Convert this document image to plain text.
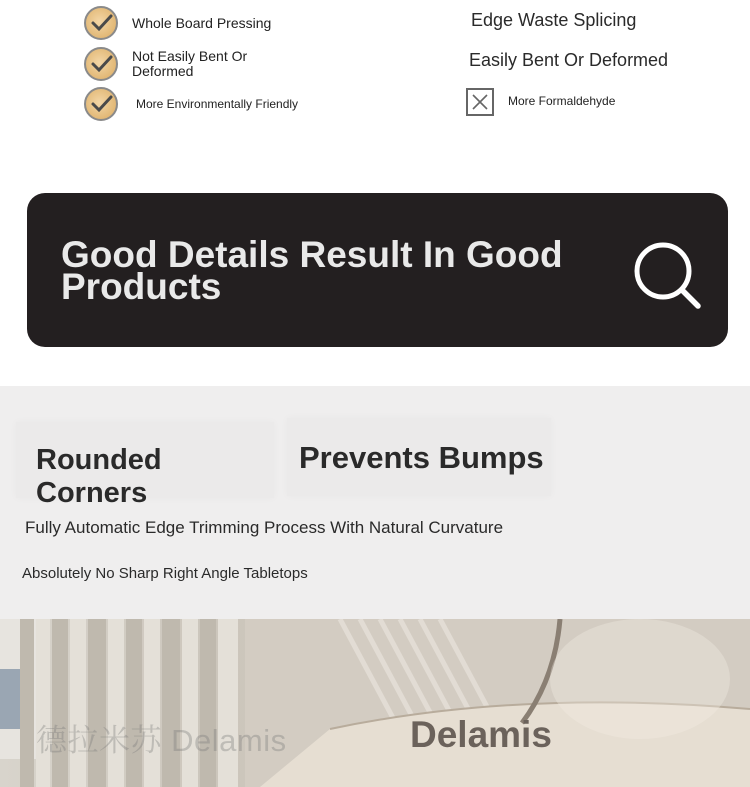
Whole Board Pressing
Not Easily Bent Or Deformed
More Environmentally Friendly
Edge Waste Splicing
Easily Bent Or Deformed
More Formaldehyde
Good Details Result In Good Products
Rounded Corners
Prevents Bumps
Fully Automatic Edge Trimming Process With Natural Curvature
Absolutely No Sharp Right Angle Tabletops
德拉米苏 Delamis	Delamis
